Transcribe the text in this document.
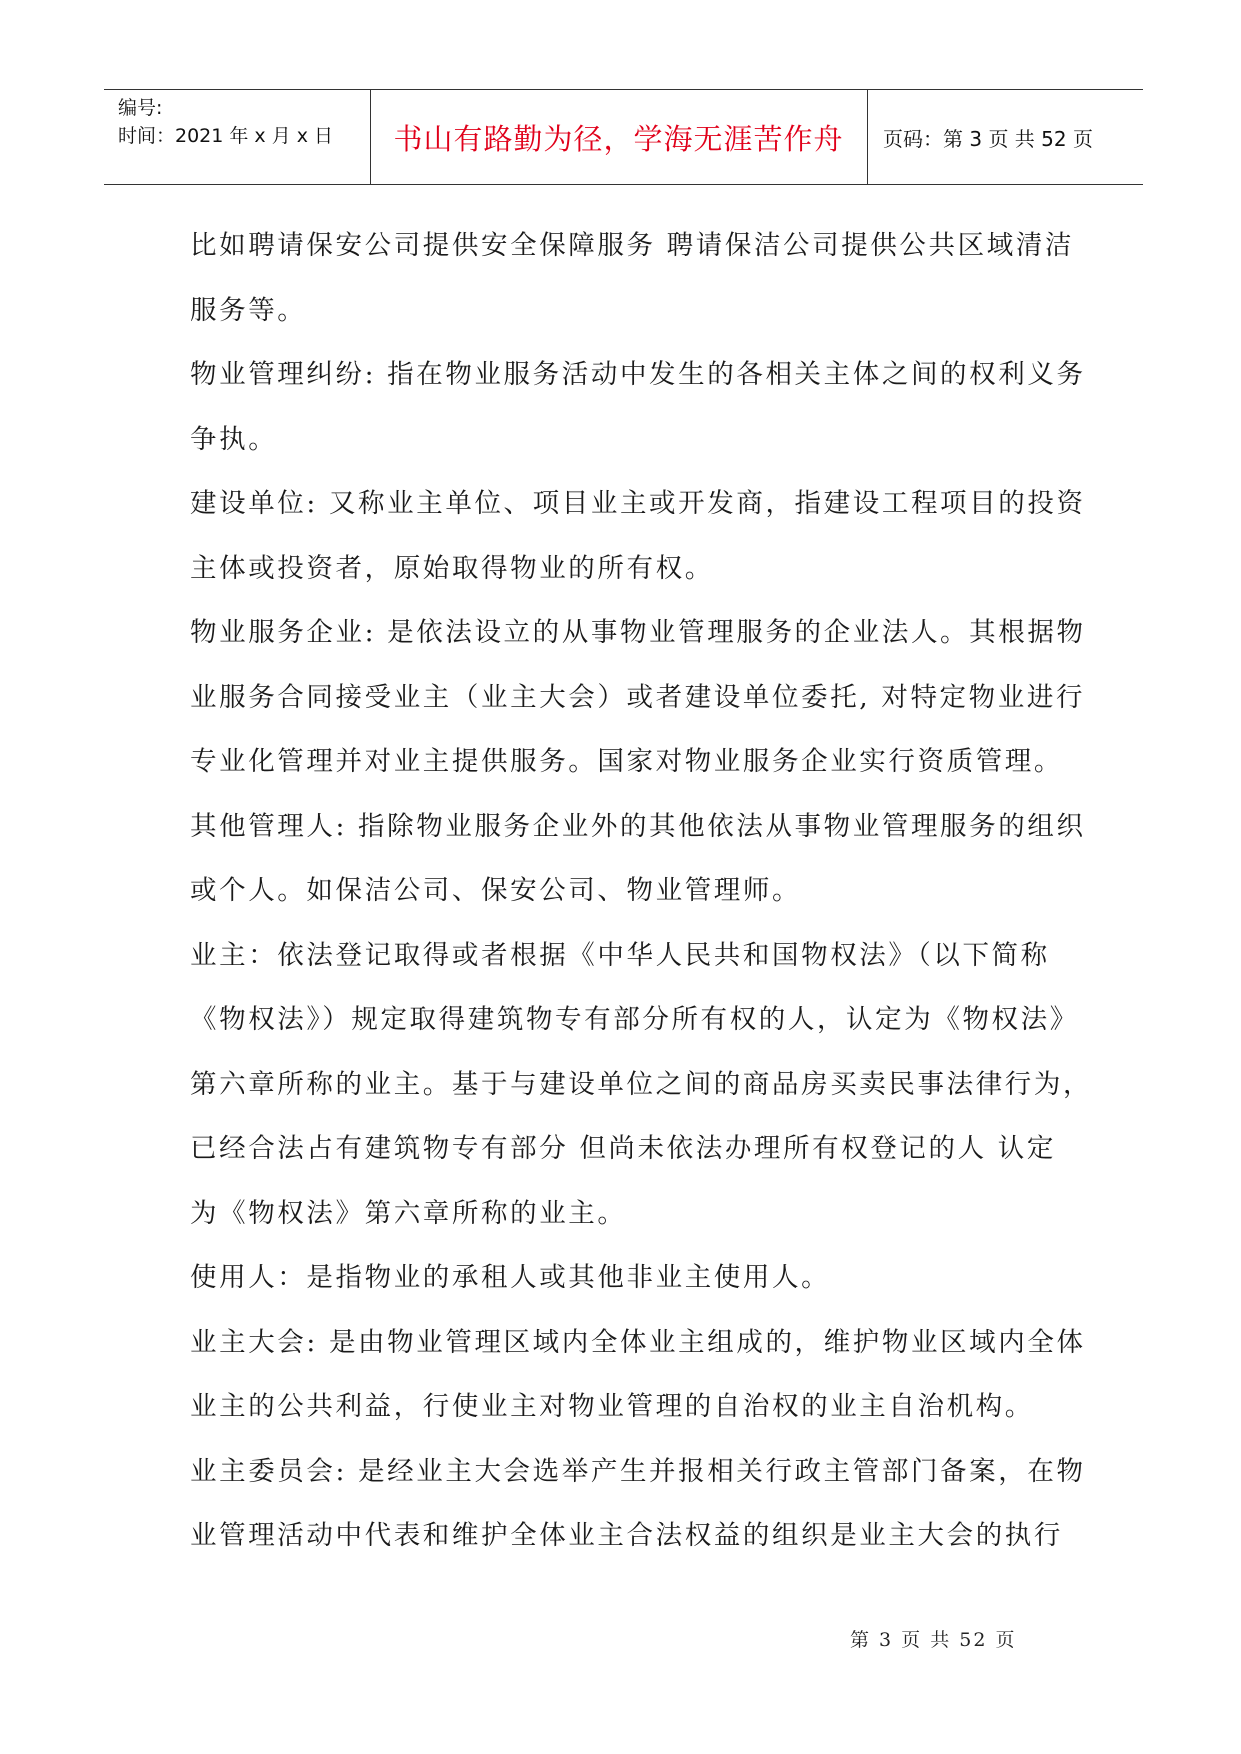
编号:
时间：2021 年 x 月 x 日 书山有路勤为径，学海无涯苦作舟	页码：第 3 页 共 52 页
比如聘请保安公司提供安全保障服务 聘请保洁公司提供公共区域清洁
服务等。
物业管理纠纷: 指在物业服务活动中发生的各相关主体之间的权利义务
争执。
建设单位: 又称业主单位、项目业主或开发商，指建设工程项目的投资
主体或投资者，原始取得物业的所有权。
物业服务企业: 是依法设立的从事物业管理服务的企业法人。其根据物
业服务合同接受业主（业主大会）或者建设单位委托, 对特定物业进行
专业化管理并对业主提供服务。国家对物业服务企业实行资质管理。
其他管理人: 指除物业服务企业外的其他依法从事物业管理服务的组织
或个人。如保洁公司、保安公司、物业管理师。
业主：依法登记取得或者根据《中华人民共和国物权法》（以下简称
《物权法》）规定取得建筑物专有部分所有权的人，认定为《物权法》
第六章所称的业主。基于与建设单位之间的商品房买卖民事法律行为，
已经合法占有建筑物专有部分 但尚未依法办理所有权登记的人 认定
为《物权法》第六章所称的业主。
使用人：是指物业的承租人或其他非业主使用人。
业主大会: 是由物业管理区域内全体业主组成的，维护物业区域内全体
业主的公共利益，行使业主对物业管理的自治权的业主自治机构。
业主委员会: 是经业主大会选举产生并报相关行政主管部门备案，在物
业管理活动中代表和维护全体业主合法权益的组织是业主大会的执行
第 3 页 共 52 页
